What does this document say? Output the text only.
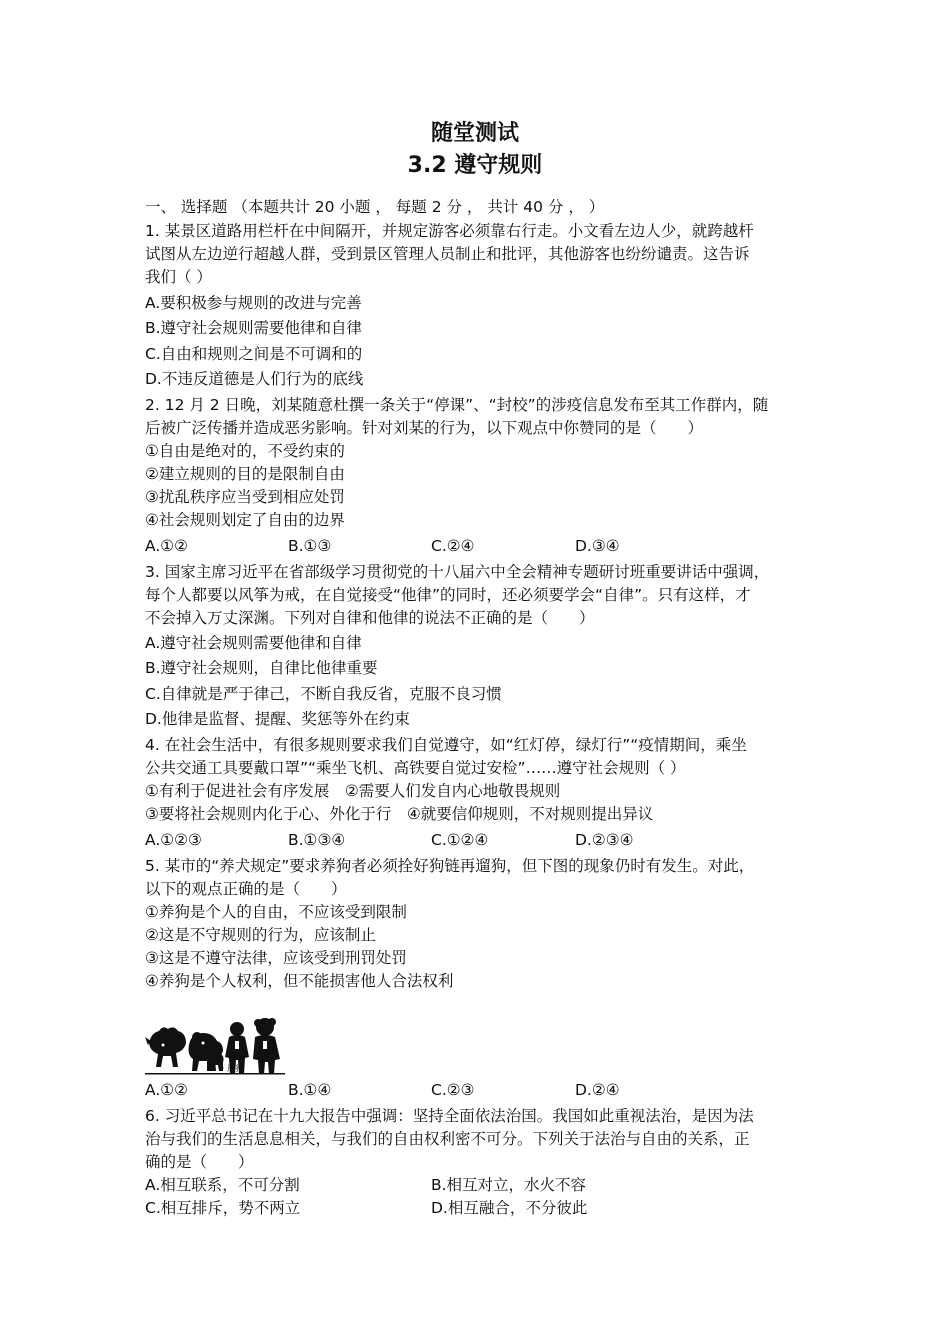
随堂测试
3.2 遵守规则
一、 选择题 （本题共计 20 小题 ， 每题 2 分 ， 共计 40 分 ， ）
1. 某景区道路用栏杆在中间隔开，并规定游客必须靠右行走。小文看左边人少，就跨越杆
试图从左边逆行超越人群，受到景区管理人员制止和批评，其他游客也纷纷谴责。这告诉
我们（ ）
A.要积极参与规则的改进与完善
B.遵守社会规则需要他律和自律
C.自由和规则之间是不可调和的
D.不违反道德是人们行为的底线
2. 12 月 2 日晚，刘某随意杜撰一条关于“停课”、“封校”的涉疫信息发布至其工作群内，随
后被广泛传播并造成恶劣影响。针对刘某的行为，以下观点中你赞同的是（　　）
①自由是绝对的，不受约束的
②建立规则的目的是限制自由
③扰乱秩序应当受到相应处罚
④社会规则划定了自由的边界
A.①②	B.①③	C.②④	D.③④
3. 国家主席习近平在省部级学习贯彻党的十八届六中全会精神专题研讨班重要讲话中强调，
每个人都要以风筝为戒，在自觉接受“他律”的同时，还必须要学会“自律”。只有这样，才
不会掉入万丈深渊。下列对自律和他律的说法不正确的是（　　）
A.遵守社会规则需要他律和自律
B.遵守社会规则，自律比他律重要
C.自律就是严于律己，不断自我反省，克服不良习惯
D.他律是监督、提醒、奖惩等外在约束
4. 在社会生活中，有很多规则要求我们自觉遵守，如“红灯停，绿灯行”“疫情期间，乘坐
公共交通工具要戴口罩”“乘坐飞机、高铁要自觉过安检”……遵守社会规则（ ）
①有利于促进社会有序发展　②需要人们发自内心地敬畏规则
③要将社会规则内化于心、外化于行　④就要信仰规则，不对规则提出异议
A.①②③	B.①③④	C.①②④	D.②③④
5. 某市的“养犬规定”要求养狗者必须拴好狗链再遛狗，但下图的现象仍时有发生。对此，
以下的观点正确的是（　　）
①养狗是个人的自由，不应该受到限制
②这是不守规则的行为，应该制止
③这是不遵守法律，应该受到刑罚处罚
④养狗是个人权利，但不能损害他人合法权利
· 遛狗
A.①②	B.①④	C.②③	D.②④
6. 习近平总书记在十九大报告中强调：坚持全面依法治国。我国如此重视法治，是因为法
治与我们的生活息息相关，与我们的自由权利密不可分。下列关于法治与自由的关系，正
确的是（　　）
A.相互联系，不可分割	B.相互对立，水火不容
C.相互排斥，势不两立	D.相互融合，不分彼此
